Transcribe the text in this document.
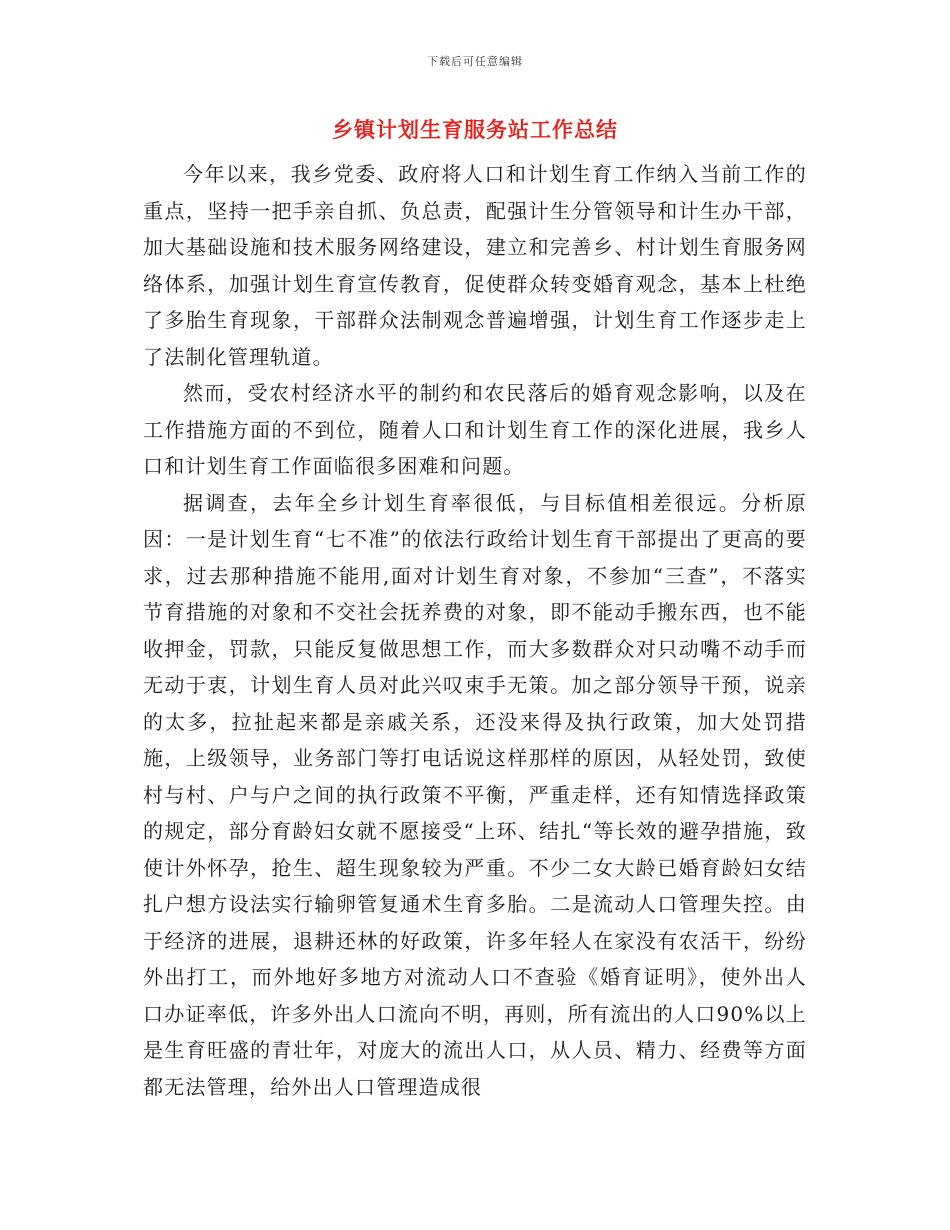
下载后可任意编辑
乡镇计划生育服务站工作总结

今年以来，我乡党委、政府将人口和计划生育工作纳入当前工作的重点，坚持一把手亲自抓、负总责，配强计生分管领导和计生办干部，加大基础设施和技术服务网络建设，建立和完善乡、村计划生育服务网络体系，加强计划生育宣传教育，促使群众转变婚育观念，基本上杜绝了多胎生育现象，干部群众法制观念普遍增强，计划生育工作逐步走上了法制化管理轨道。

然而，受农村经济水平的制约和农民落后的婚育观念影响，以及在工作措施方面的不到位，随着人口和计划生育工作的深化进展，我乡人口和计划生育工作面临很多困难和问题。

据调查，去年全乡计划生育率很低，与目标值相差很远。分析原因：一是计划生育“七不准”的依法行政给计划生育干部提出了更高的要求，过去那种措施不能用,面对计划生育对象，不参加“三查”，不落实节育措施的对象和不交社会抚养费的对象，即不能动手搬东西，也不能收押金，罚款，只能反复做思想工作，而大多数群众对只动嘴不动手而无动于衷，计划生育人员对此兴叹束手无策。加之部分领导干预，说亲的太多，拉扯起来都是亲戚关系，还没来得及执行政策，加大处罚措施，上级领导，业务部门等打电话说这样那样的原因，从轻处罚，致使村与村、户与户之间的执行政策不平衡，严重走样，还有知情选择政策的规定，部分育龄妇女就不愿接受“上环、结扎“等长效的避孕措施，致使计外怀孕，抢生、超生现象较为严重。不少二女大龄已婚育龄妇女结扎户想方设法实行输卵管复通术生育多胎。二是流动人口管理失控。由于经济的进展，退耕还林的好政策，许多年轻人在家没有农活干，纷纷外出打工，而外地好多地方对流动人口不查验《婚育证明》，使外出人口办证率低，许多外出人口流向不明，再则，所有流出的人口90%以上是生育旺盛的青壮年，对庞大的流出人口，从人员、精力、经费等方面都无法管理，给外出人口管理造成很
